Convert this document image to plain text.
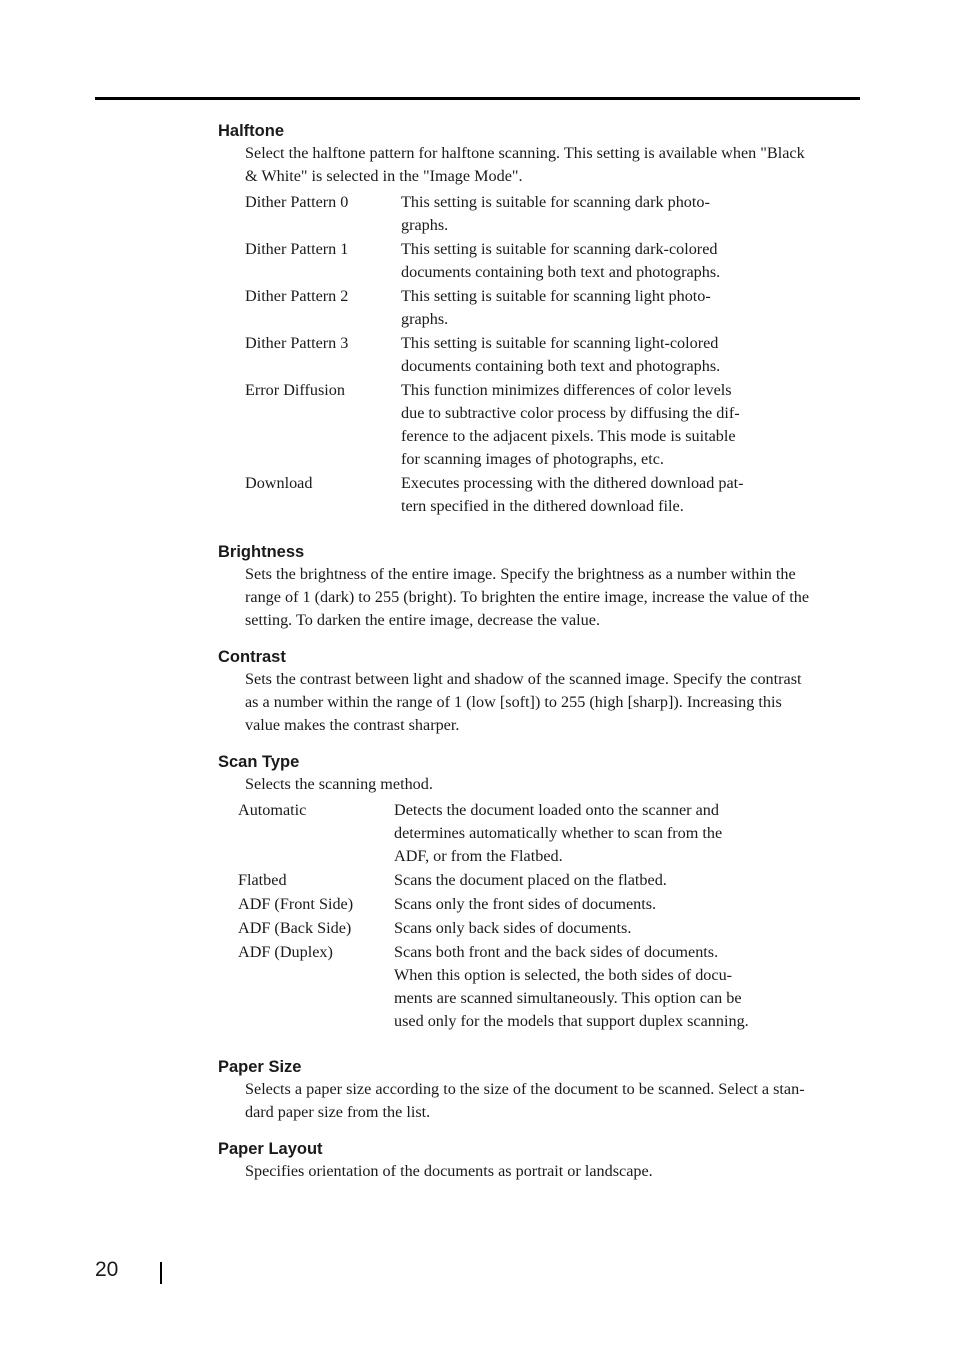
Halftone

Select the halftone pattern for halftone scanning. This setting is available when "Black
& White" is selected in the "Image Mode".

Dither Pattern 0	This setting is suitable for scanning dark photo-
graphs.
Dither Pattern 1	This setting is suitable for scanning dark-colored
documents containing both text and photographs.
Dither Pattern 2	This setting is suitable for scanning light photo-
graphs.
Dither Pattern 3	This setting is suitable for scanning light-colored
documents containing both text and photographs.
Error Diffusion	This function minimizes differences of color levels
due to subtractive color process by diffusing the dif-
ference to the adjacent pixels. This mode is suitable
for scanning images of photographs, etc.
Download	Executes processing with the dithered download pat-
tern specified in the dithered download file.
Brightness

Sets the brightness of the entire image. Specify the brightness as a number within the
range of 1 (dark) to 255 (bright). To brighten the entire image, increase the value of the
setting. To darken the entire image, decrease the value.

Contrast

Sets the contrast between light and shadow of the scanned image. Specify the contrast
as a number within the range of 1 (low [soft]) to 255 (high [sharp]). Increasing this
value makes the contrast sharper.

Scan Type

Selects the scanning method.

Automatic	Detects the document loaded onto the scanner and
determines automatically whether to scan from the
ADF, or from the Flatbed.
Flatbed	Scans the document placed on the flatbed.
ADF (Front Side)	Scans only the front sides of documents.
ADF (Back Side)	Scans only back sides of documents.
ADF (Duplex)	Scans both front and the back sides of documents.
When this option is selected, the both sides of docu-
ments are scanned simultaneously. This option can be
used only for the models that support duplex scanning.
Paper Size

Selects a paper size according to the size of the document to be scanned. Select a stan-
dard paper size from the list.

Paper Layout

Specifies orientation of the documents as portrait or landscape.

20
